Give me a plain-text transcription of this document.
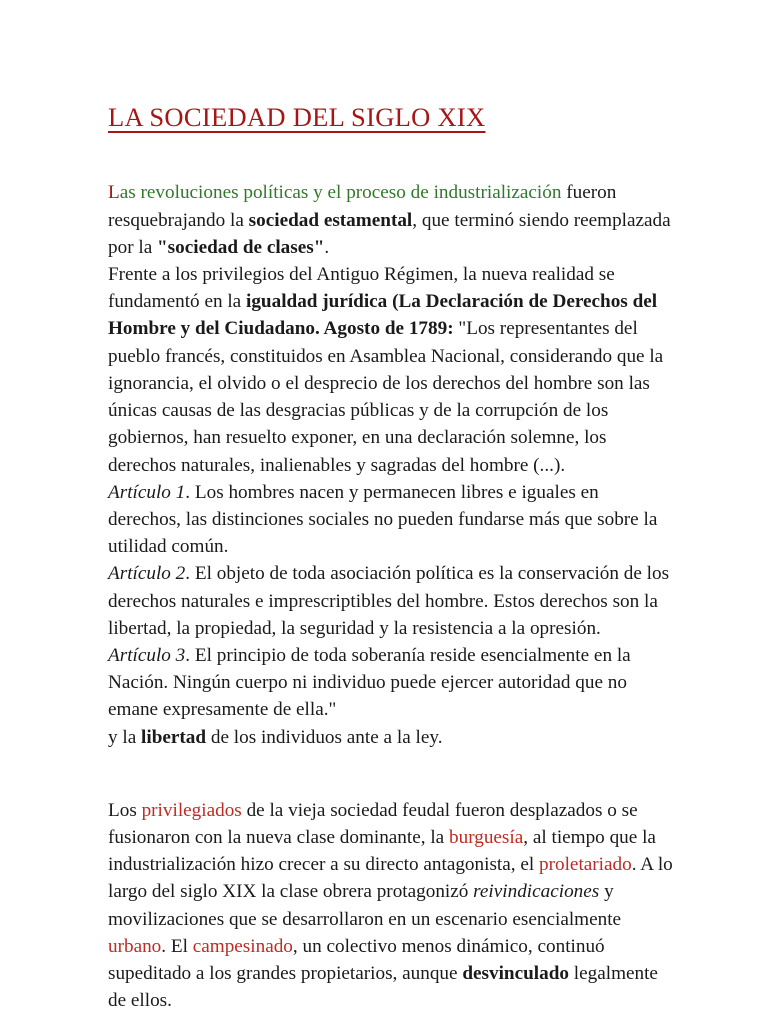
LA SOCIEDAD DEL SIGLO XIX

Las revoluciones políticas y el proceso de industrialización fueron resquebrajando la sociedad estamental, que terminó siendo reemplazada por la "sociedad de clases".

Frente a los privilegios del Antiguo Régimen, la nueva realidad se fundamentó en la igualdad jurídica (La Declaración de Derechos del Hombre y del Ciudadano. Agosto de 1789: "Los representantes del pueblo francés, constituidos en Asamblea Nacional, considerando que la ignorancia, el olvido o el desprecio de los derechos del hombre son las únicas causas de las desgracias públicas y de la corrupción de los gobiernos, han resuelto exponer, en una declaración solemne, los derechos naturales, inalienables y sagradas del hombre (...).

Artículo 1. Los hombres nacen y permanecen libres e iguales en derechos, las distinciones sociales no pueden fundarse más que sobre la utilidad común.

Artículo 2. El objeto de toda asociación política es la conservación de los derechos naturales e imprescriptibles del hombre. Estos derechos son la libertad, la propiedad, la seguridad y la resistencia a la opresión.

Artículo 3. El principio de toda soberanía reside esencialmente en la Nación. Ningún cuerpo ni individuo puede ejercer autoridad que no emane expresamente de ella."

y la libertad de los individuos ante a la ley.

Los privilegiados de la vieja sociedad feudal fueron desplazados o se fusionaron con la nueva clase dominante, la burguesía, al tiempo que la industrialización hizo crecer a su directo antagonista, el proletariado. A lo largo del siglo XIX la clase obrera protagonizó reivindicaciones y movilizaciones que se desarrollaron en un escenario esencialmente urbano. El campesinado, un colectivo menos dinámico, continuó supeditado a los grandes propietarios, aunque desvinculado legalmente de ellos.
